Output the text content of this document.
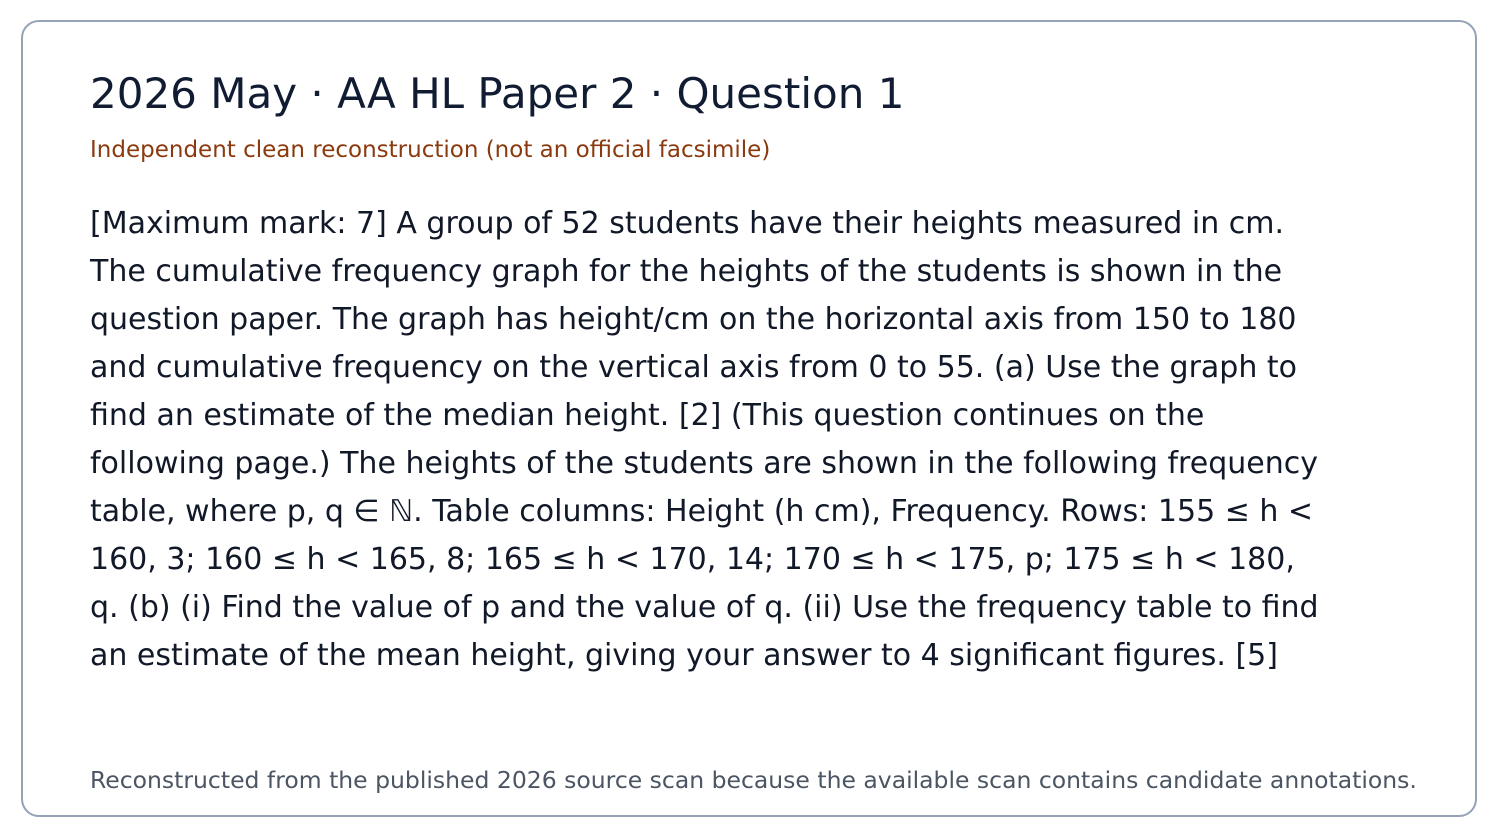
2026 May · AA HL Paper 2 · Question 1
Independent clean reconstruction (not an official facsimile)
[Maximum mark: 7] A group of 52 students have their heights measured in cm.
The cumulative frequency graph for the heights of the students is shown in the
question paper. The graph has height/cm on the horizontal axis from 150 to 180
and cumulative frequency on the vertical axis from 0 to 55. (a) Use the graph to
find an estimate of the median height. [2] (This question continues on the
following page.) The heights of the students are shown in the following frequency
table, where p, q ∈ ℕ. Table columns: Height (h cm), Frequency. Rows: 155 ≤ h <
160, 3; 160 ≤ h < 165, 8; 165 ≤ h < 170, 14; 170 ≤ h < 175, p; 175 ≤ h < 180,
q. (b) (i) Find the value of p and the value of q. (ii) Use the frequency table to find
an estimate of the mean height, giving your answer to 4 significant figures. [5]
Reconstructed from the published 2026 source scan because the available scan contains candidate annotations.
